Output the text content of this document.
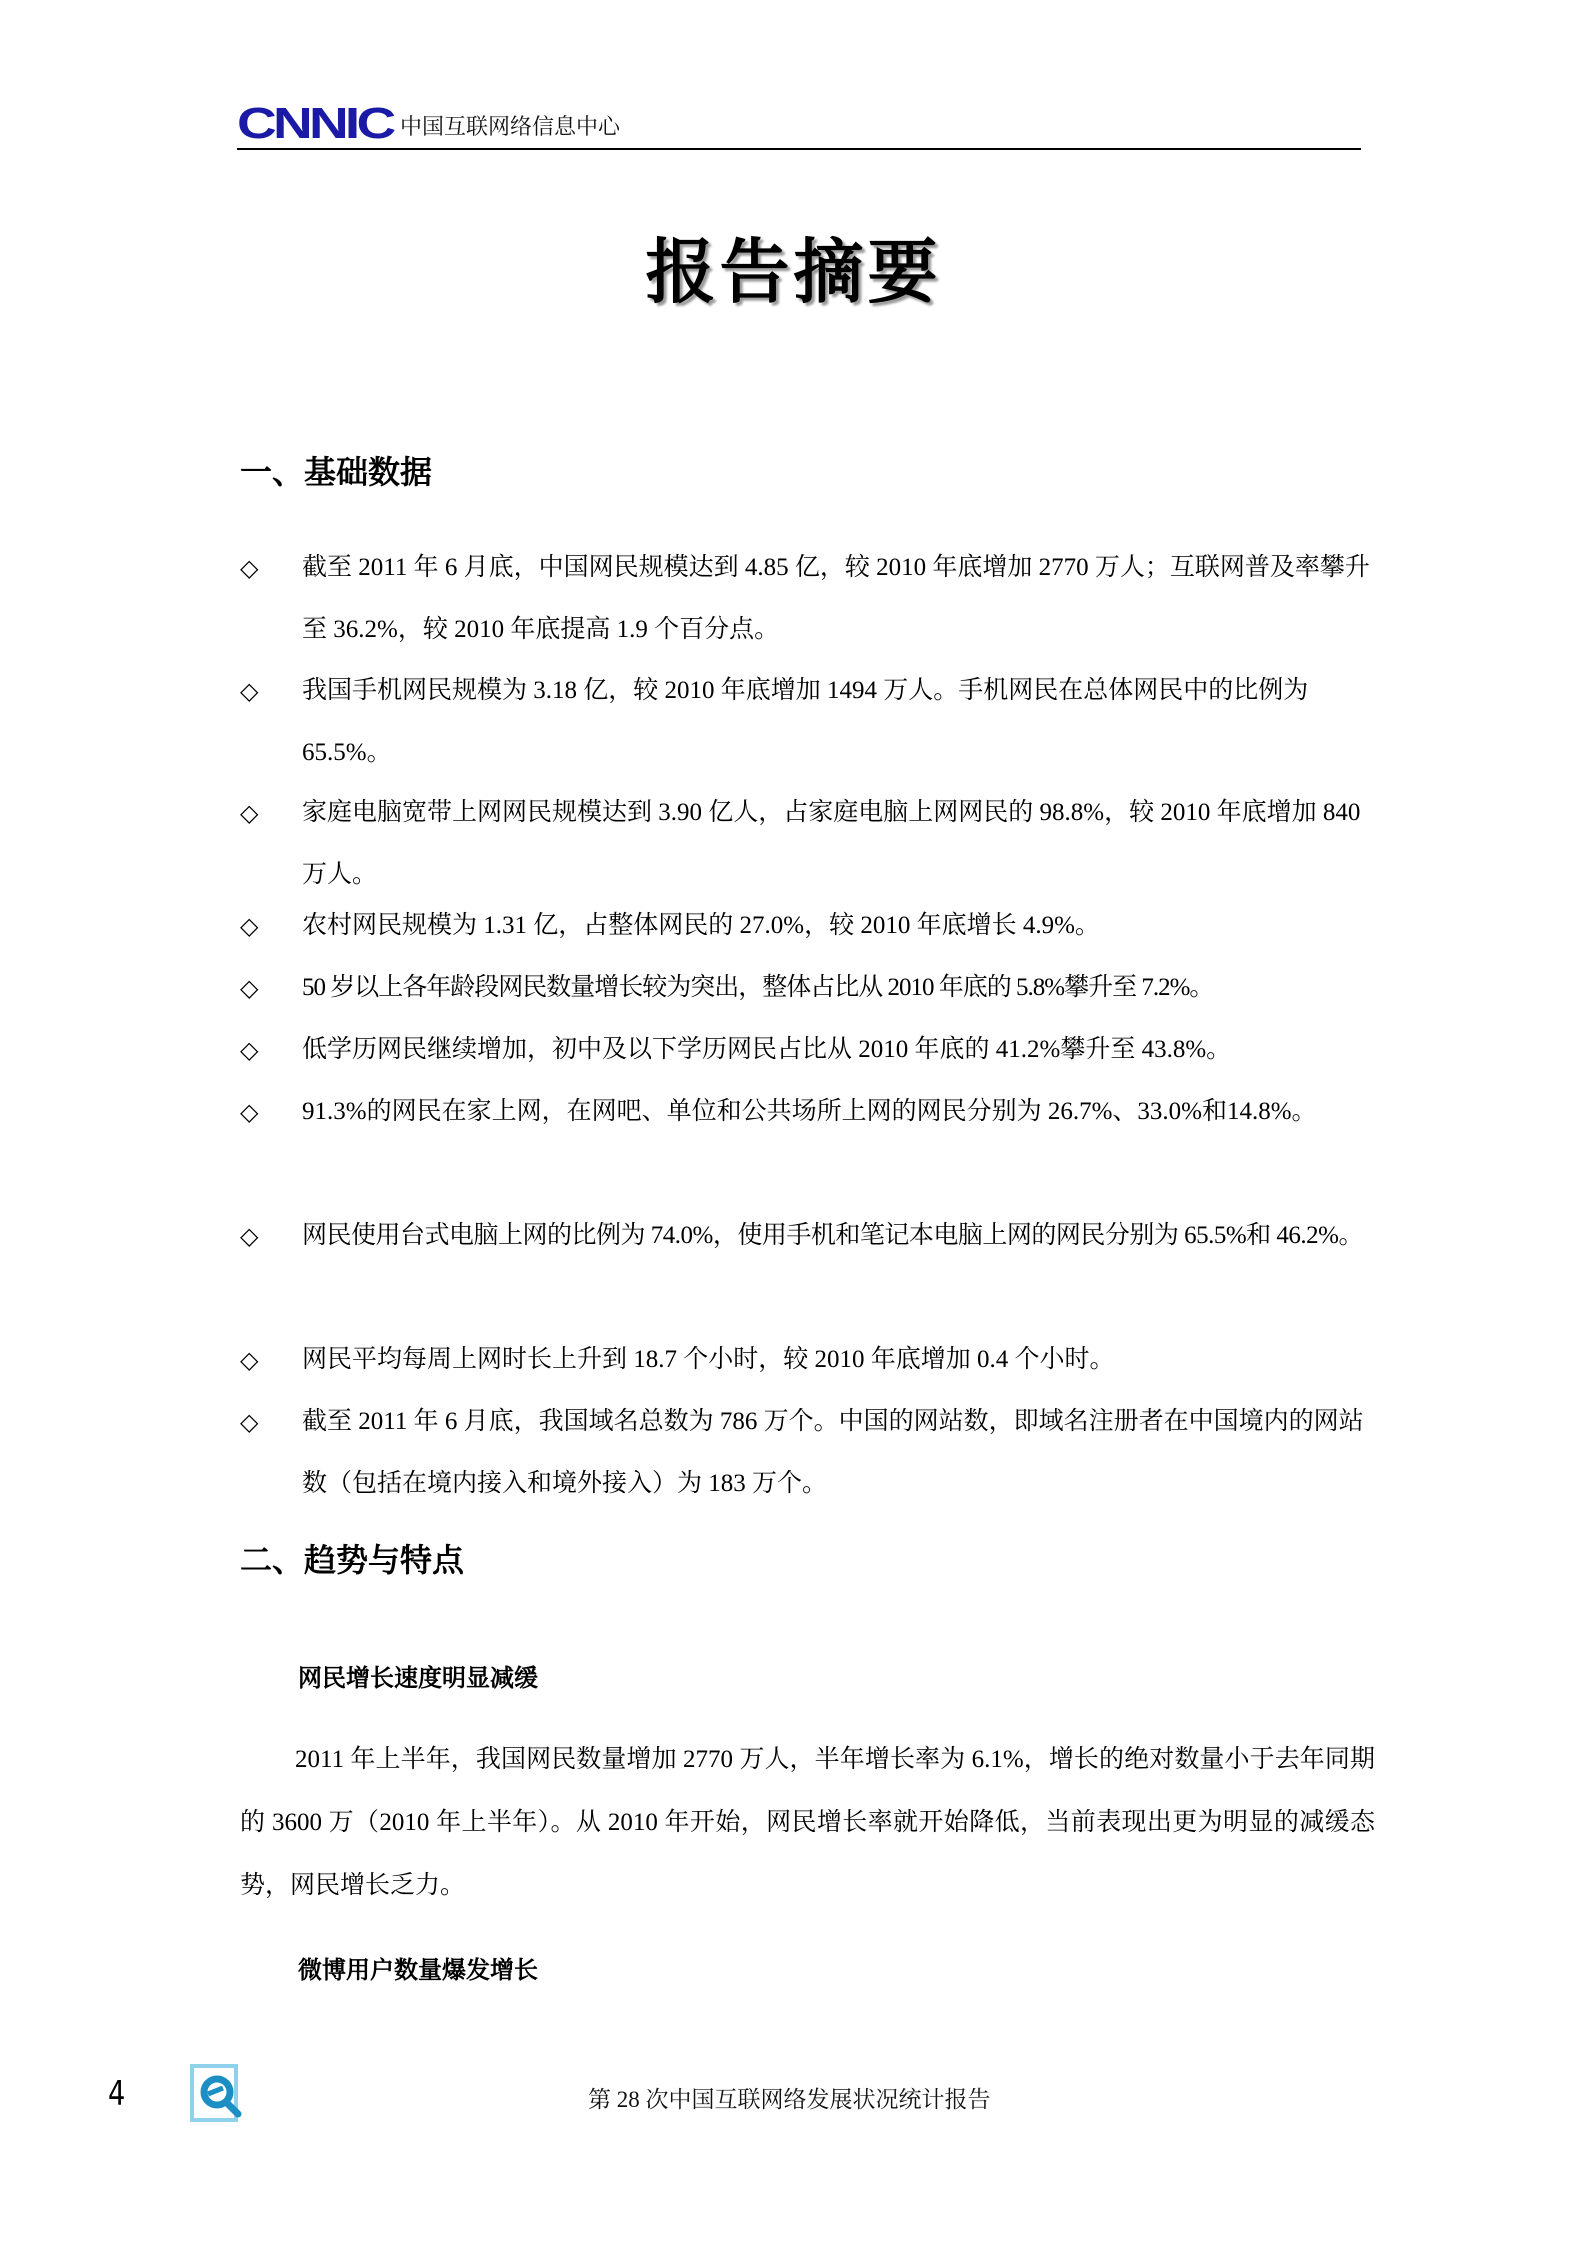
CNNIC 中国互联网络信息中心
报告摘要
一、基础数据
◇ 截至 2011 年 6 月底，中国网民规模达到 4.85 亿，较 2010 年底增加 2770 万人；互联网普及率攀升至 36.2%，较 2010 年底提高 1.9 个百分点。
◇ 我国手机网民规模为 3.18 亿，较 2010 年底增加 1494 万人。手机网民在总体网民中的比例为 65.5%。
◇ 家庭电脑宽带上网网民规模达到 3.90 亿人，占家庭电脑上网网民的 98.8%，较 2010 年底增加 840 万人。
◇ 农村网民规模为 1.31 亿，占整体网民的 27.0%，较 2010 年底增长 4.9%。
◇ 50 岁以上各年龄段网民数量增长较为突出，整体占比从 2010 年底的 5.8%攀升至 7.2%。
◇ 低学历网民继续增加，初中及以下学历网民占比从 2010 年底的 41.2%攀升至 43.8%。
◇ 91.3%的网民在家上网，在网吧、单位和公共场所上网的网民分别为 26.7%、33.0%和14.8%。
◇ 网民使用台式电脑上网的比例为 74.0%，使用手机和笔记本电脑上网的网民分别为 65.5%和 46.2%。
◇ 网民平均每周上网时长上升到 18.7 个小时，较 2010 年底增加 0.4 个小时。
◇ 截至 2011 年 6 月底，我国域名总数为 786 万个。中国的网站数，即域名注册者在中国境内的网站数（包括在境内接入和境外接入）为 183 万个。
二、趋势与特点
网民增长速度明显减缓
2011 年上半年，我国网民数量增加 2770 万人，半年增长率为 6.1%，增长的绝对数量小于去年同期的 3600 万（2010 年上半年）。从 2010 年开始，网民增长率就开始降低，当前表现出更为明显的减缓态势，网民增长乏力。
微博用户数量爆发增长
4	第 28 次中国互联网络发展状况统计报告
